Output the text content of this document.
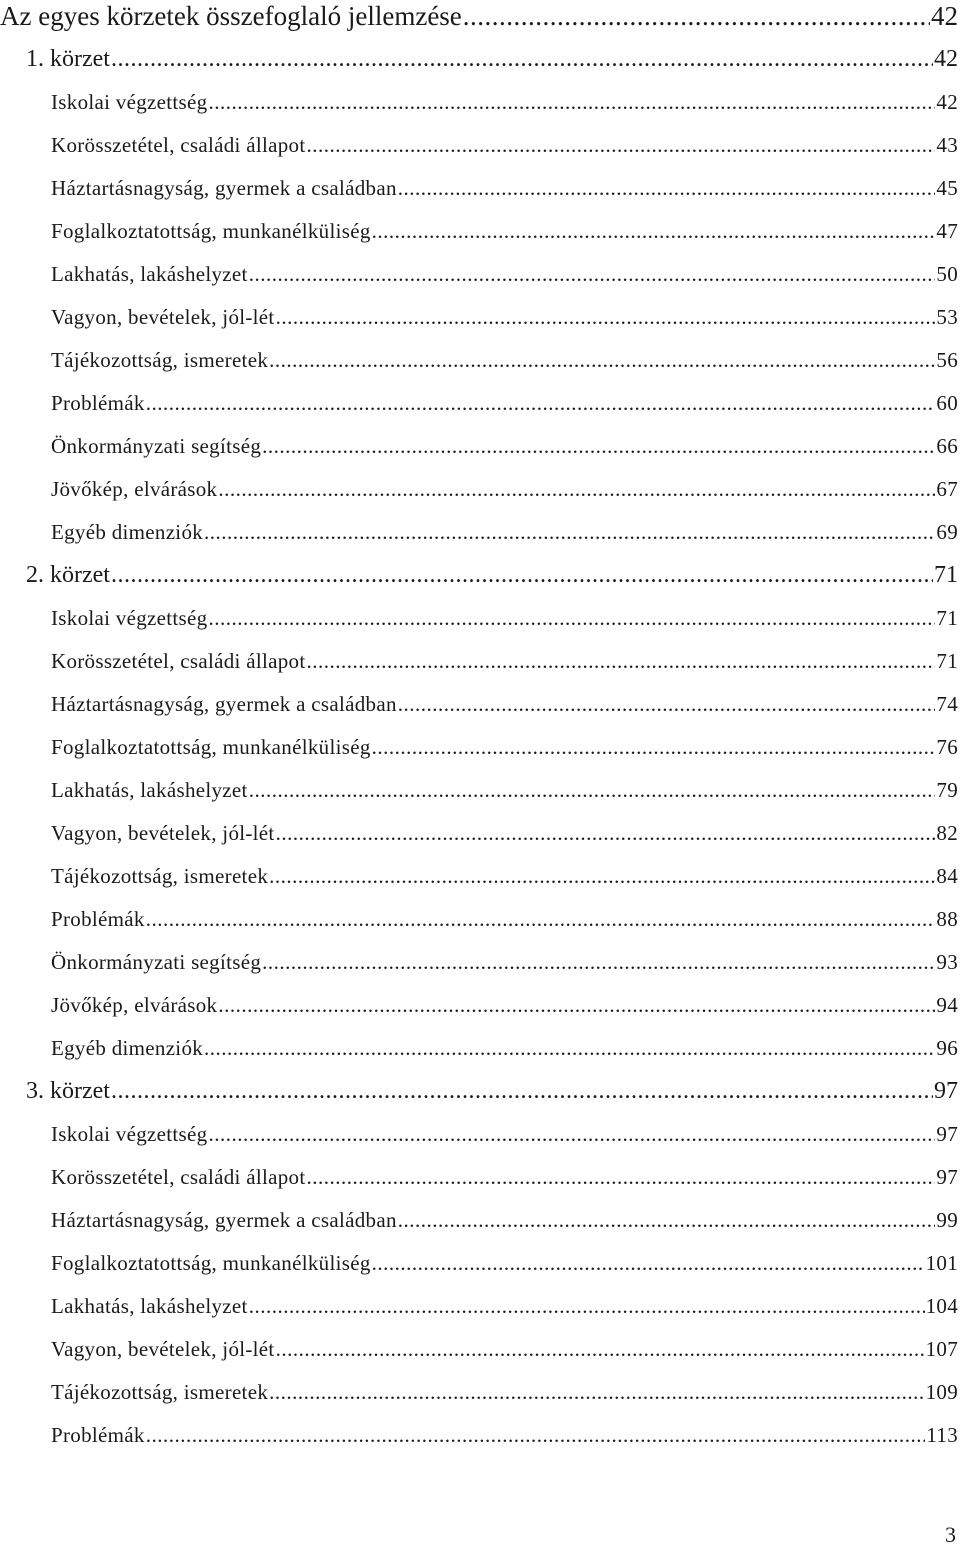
Az egyes körzetek összefoglaló jellemzése .....	42
1. körzet .....	42
Iskolai végzettség .....	42
Korösszetétel, családi állapot .....	43
Háztartásnagyság, gyermek a családban .....	45
Foglalkoztatottság, munkanélküliség .....	47
Lakhatás, lakáshelyzet .....	50
Vagyon, bevételek, jól-lét .....	53
Tájékozottság, ismeretek .....	56
Problémák .....	60
Önkormányzati segítség .....	66
Jövőkép, elvárások .....	67
Egyéb dimenziók .....	69
2. körzet .....	71
Iskolai végzettség .....	71
Korösszetétel, családi állapot .....	71
Háztartásnagyság, gyermek a családban .....	74
Foglalkoztatottság, munkanélküliség .....	76
Lakhatás, lakáshelyzet .....	79
Vagyon, bevételek, jól-lét .....	82
Tájékozottság, ismeretek .....	84
Problémák .....	88
Önkormányzati segítség .....	93
Jövőkép, elvárások .....	94
Egyéb dimenziók .....	96
3. körzet .....	97
Iskolai végzettség .....	97
Korösszetétel, családi állapot .....	97
Háztartásnagyság, gyermek a családban .....	99
Foglalkoztatottság, munkanélküliség .....	101
Lakhatás, lakáshelyzet .....	104
Vagyon, bevételek, jól-lét .....	107
Tájékozottság, ismeretek .....	109
Problémák .....	113
3
